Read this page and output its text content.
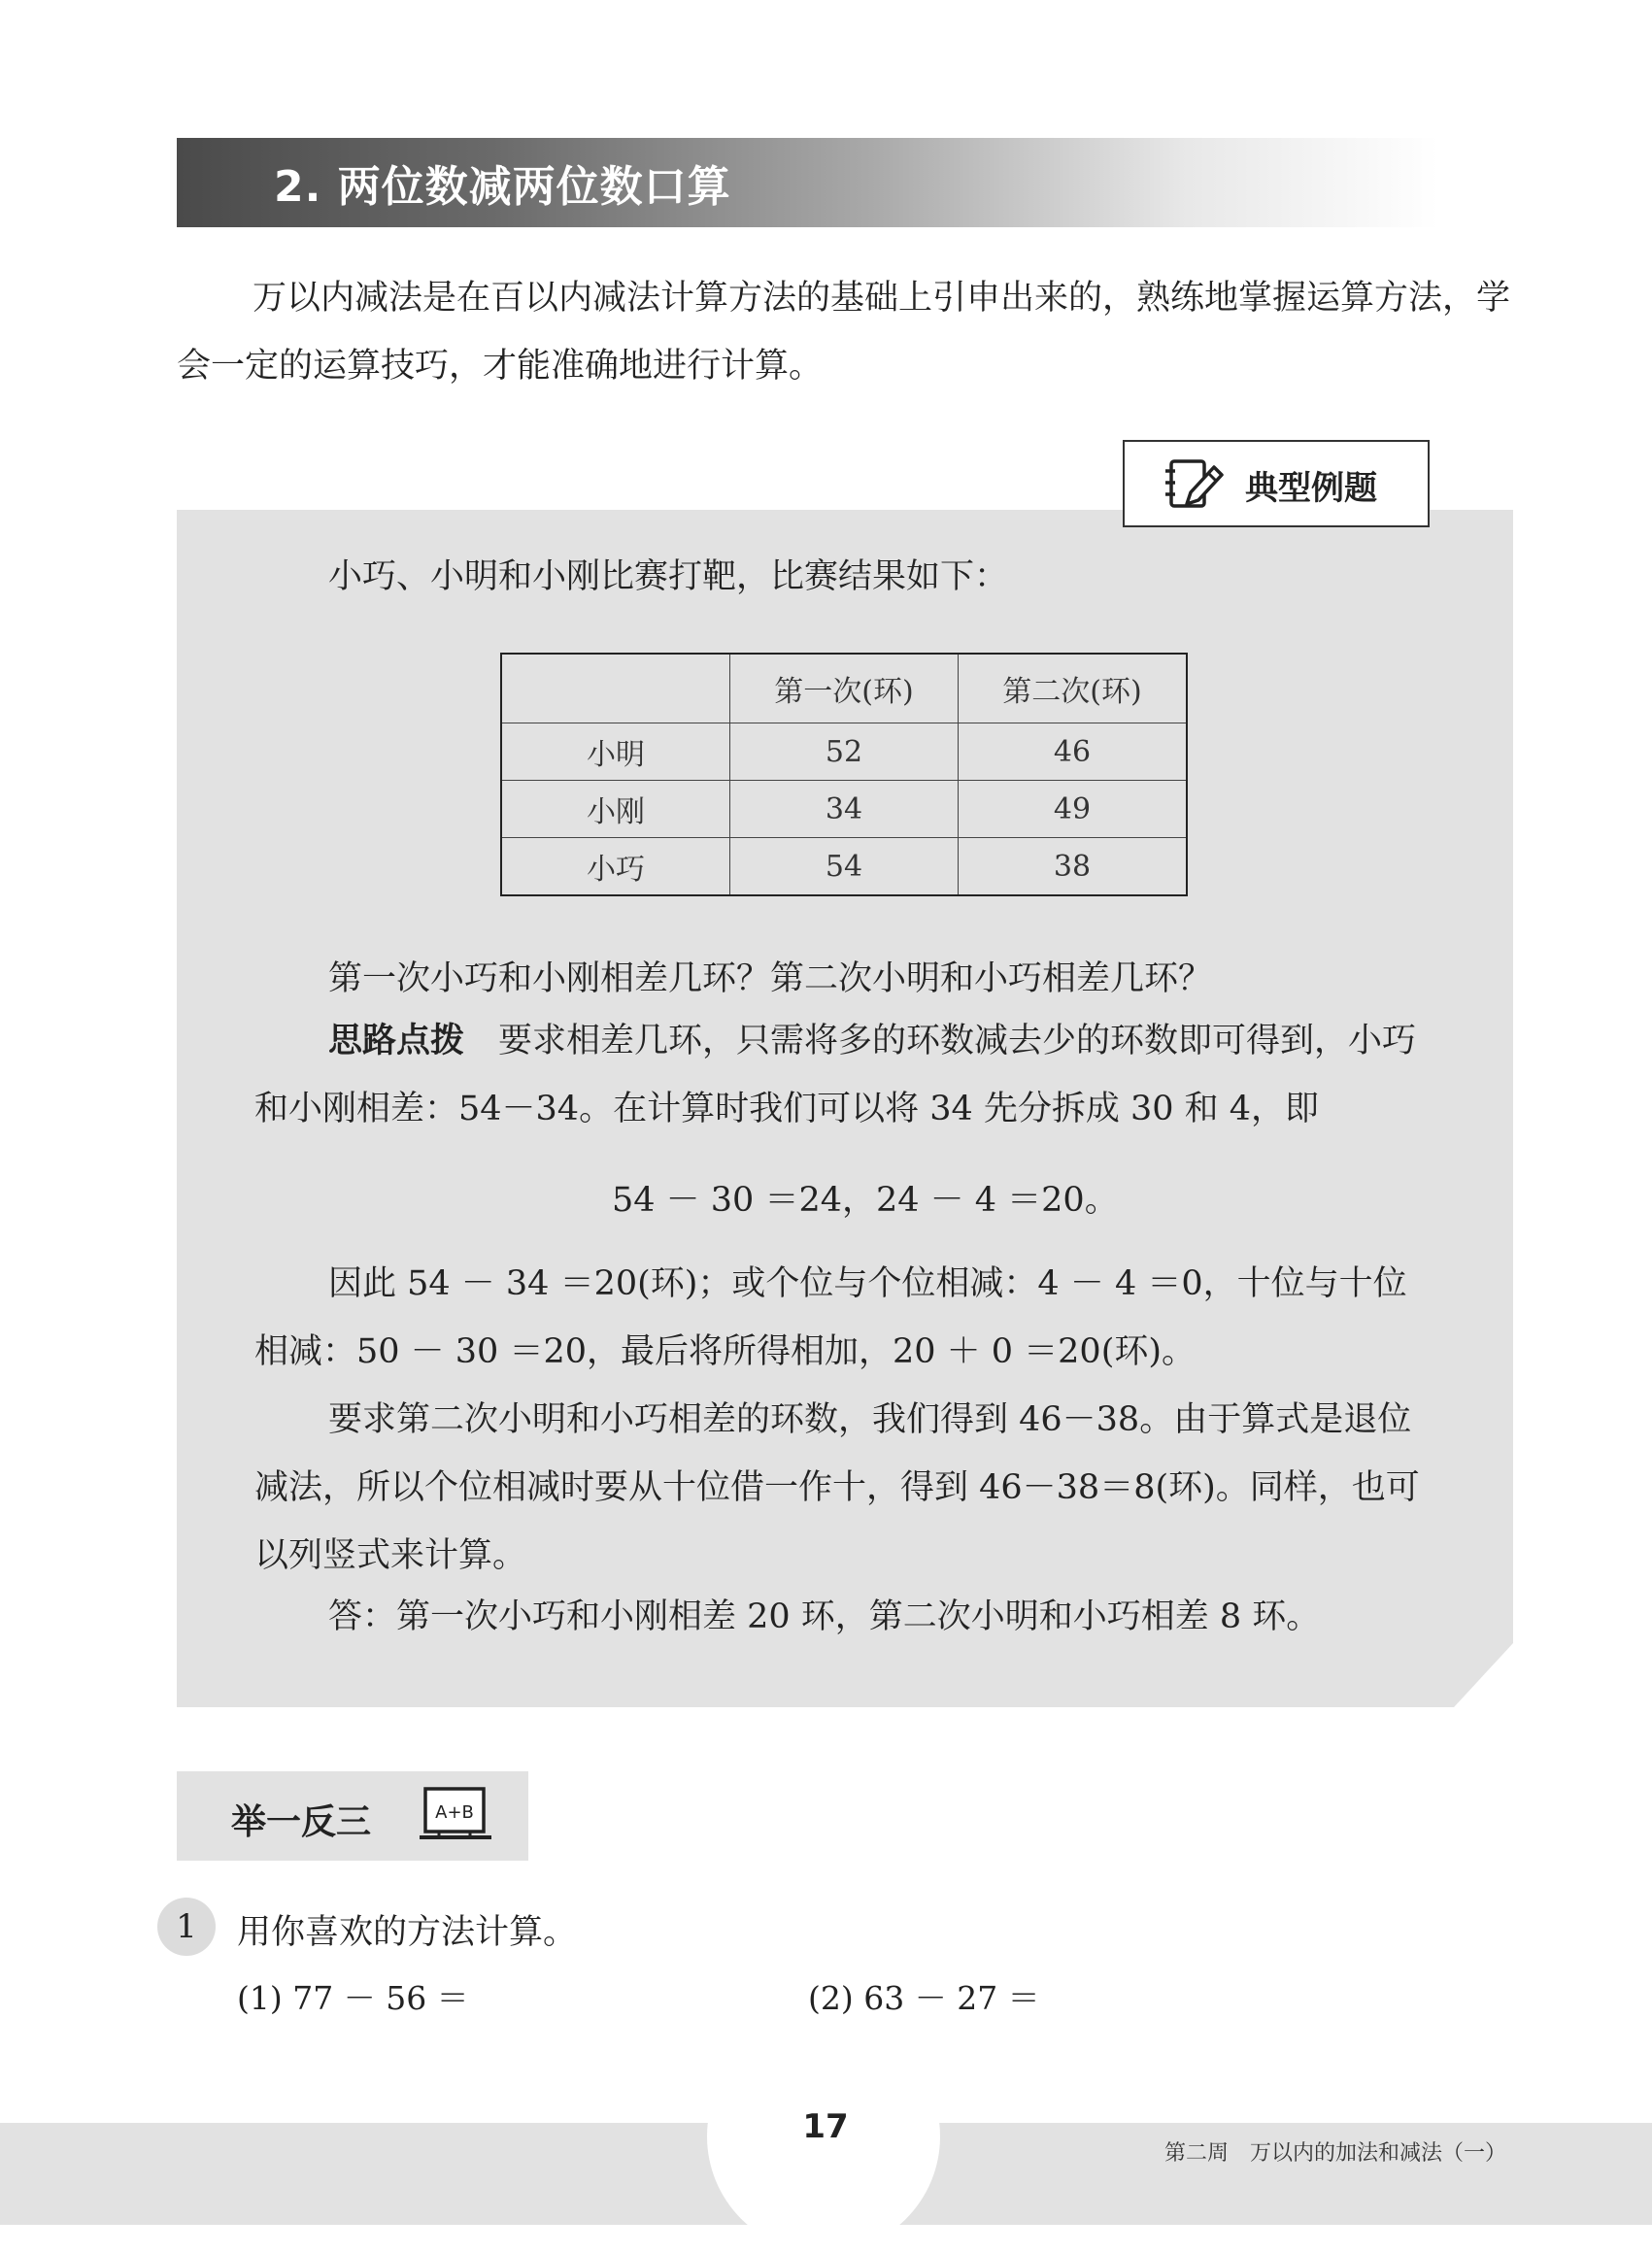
2. 两位数减两位数口算
万以内减法是在百以内减法计算方法的基础上引申出来的，熟练地掌握运算方法，学会一定的运算技巧，才能准确地进行计算。
典型例题
小巧、小明和小刚比赛打靶，比赛结果如下：
	第一次(环)	第二次(环)
小明	52	46
小刚	34	49
小巧	54	38
第一次小巧和小刚相差几环？第二次小明和小巧相差几环？
思路点拨　 要求相差几环，只需将多的环数减去少的环数即可得到，小巧和小刚相差：54－34。在计算时我们可以将 34 先分拆成 30 和 4，即
54 － 30 ＝24，24 － 4 ＝20。
因此 54 － 34 ＝20(环)；或个位与个位相减：4 － 4 ＝0，十位与十位相减：50 － 30 ＝20，最后将所得相加，20 ＋ 0 ＝20(环)。
要求第二次小明和小巧相差的环数，我们得到 46－38。由于算式是退位减法，所以个位相减时要从十位借一作十，得到 46－38＝8(环)。同样，也可以列竖式来计算。
答：第一次小巧和小刚相差 20 环，第二次小明和小巧相差 8 环。
举一反三	A+B
1	用你喜欢的方法计算。
(1) 77 － 56 ＝	(2) 63 － 27 ＝
17
第二周　万以内的加法和减法（一）
